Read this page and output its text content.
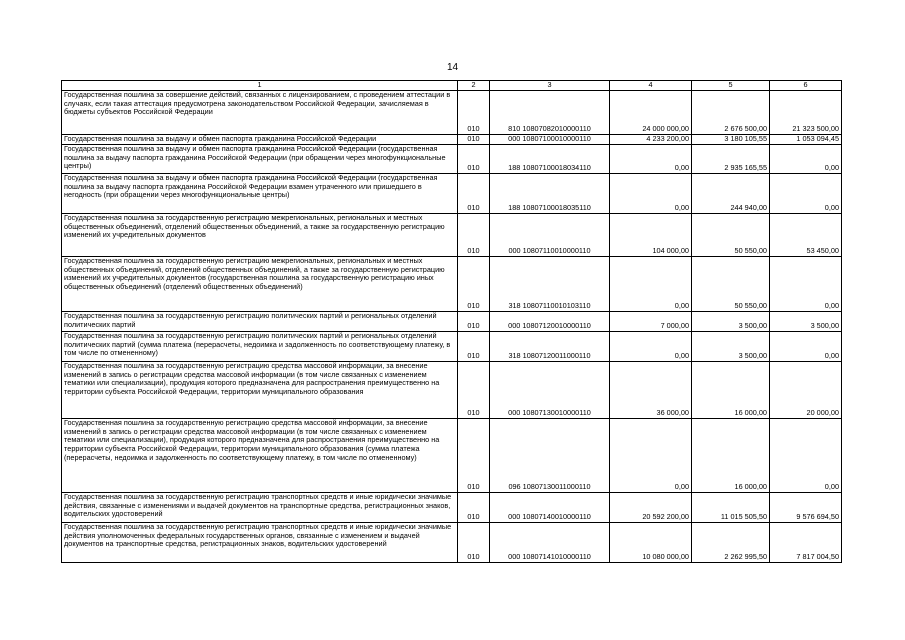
14
1	2	3	4	5	6
Государственная пошлина за совершение действий, связанных с лицензированием, с проведением аттестации в случаях, если такая аттестация предусмотрена законодательством Российской Федерации, зачисляемая в бюджеты субъектов Российской Федерации	010	810 10807082010000110	24 000 000,00	2 676 500,00	21 323 500,00
Государственная пошлина за выдачу и обмен паспорта гражданина Российской Федерации	010	000 10807100010000110	4 233 200,00	3 180 105,55	1 053 094,45
Государственная пошлина за выдачу и обмен паспорта гражданина Российской Федерации (государственная пошлина за выдачу паспорта гражданина Российской Федерации (при обращении через многофункциональные центры)	010	188 10807100018034110	0,00	2 935 165,55	0,00
Государственная пошлина за выдачу и обмен паспорта гражданина Российской Федерации (государственная пошлина за выдачу паспорта гражданина Российской Федерации взамен утраченного или пришедшего в негодность (при обращении через многофункциональные центры)	010	188 10807100018035110	0,00	244 940,00	0,00
Государственная пошлина за государственную регистрацию межрегиональных, региональных и местных общественных объединений, отделений общественных объединений, а также за государственную регистрацию изменений их учредительных документов	010	000 10807110010000110	104 000,00	50 550,00	53 450,00
Государственная пошлина за государственную регистрацию межрегиональных, региональных и местных общественных объединений, отделений общественных объединений, а также за государственную регистрацию изменений их учредительных документов (государственная пошлина за государственную регистрацию иных общественных объединений (отделений общественных объединений)	010	318 10807110010103110	0,00	50 550,00	0,00
Государственная пошлина за государственную регистрацию политических партий и региональных отделений политических партий	010	000 10807120010000110	7 000,00	3 500,00	3 500,00
Государственная пошлина за государственную регистрацию политических партий и региональных отделений политических партий (сумма платежа (перерасчеты, недоимка и задолженность по соответствующему платежу, в том числе по отмененному)	010	318 10807120011000110	0,00	3 500,00	0,00
Государственная пошлина за государственную регистрацию средства массовой информации, за внесение изменений в запись о регистрации средства массовой информации (в том числе связанных с изменением тематики или специализации), продукция которого предназначена для распространения преимущественно на территории субъекта Российской Федерации, территории муниципального образования	010	000 10807130010000110	36 000,00	16 000,00	20 000,00
Государственная пошлина за государственную регистрацию средства массовой информации, за внесение изменений в запись о регистрации средства массовой информации (в том числе связанных с изменением тематики или специализации), продукция которого предназначена для распространения преимущественно на территории субъекта Российской Федерации, территории муниципального образования (сумма платежа (перерасчеты, недоимка и задолженность по соответствующему платежу, в том числе по отмененному)	010	096 10807130011000110	0,00	16 000,00	0,00
Государственная пошлина за государственную регистрацию транспортных средств и иные юридически значимые действия, связанные с изменениями и выдачей документов на транспортные средства, регистрационных знаков, водительских удостоверений	010	000 10807140010000110	20 592 200,00	11 015 505,50	9 576 694,50
Государственная пошлина за государственную регистрацию транспортных средств и иные юридически значимые действия уполномоченных федеральных государственных органов, связанные с изменением и выдачей документов на транспортные средства, регистрационных знаков, водительских удостоверений	010	000 10807141010000110	10 080 000,00	2 262 995,50	7 817 004,50
